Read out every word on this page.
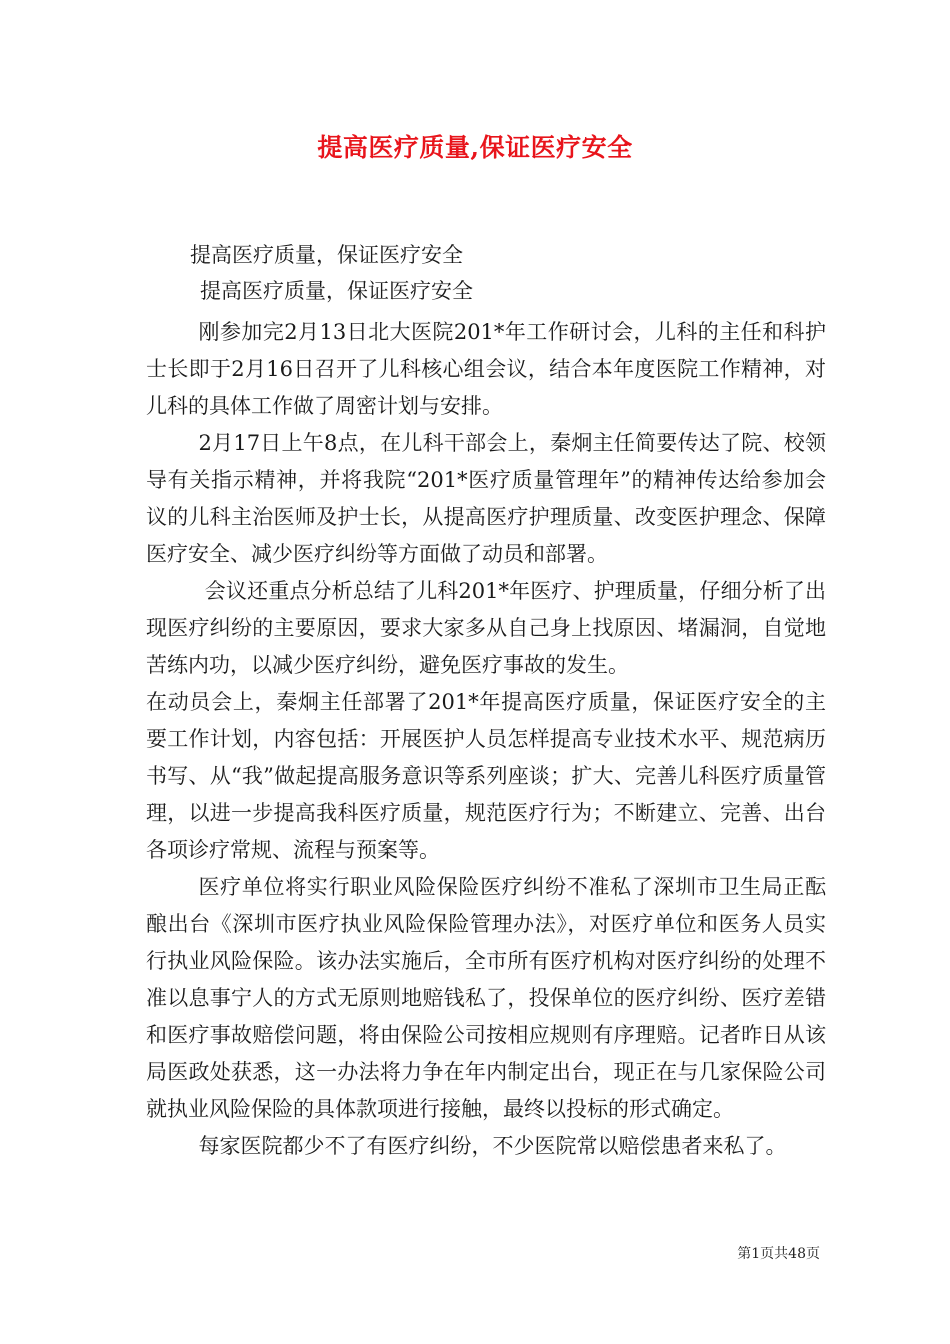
提高医疗质量,保证医疗安全
提高医疗质量，保证医疗安全
提高医疗质量，保证医疗安全

刚参加完2月13日北大医院201*年工作研讨会，儿科的主任和科护士长即于2月16日召开了儿科核心组会议，结合本年度医院工作精神，对儿科的具体工作做了周密计划与安排。

2月17日上午8点，在儿科干部会上，秦炯主任简要传达了院、校领导有关指示精神，并将我院“201*医疗质量管理年”的精神传达给参加会议的儿科主治医师及护士长，从提高医疗护理质量、改变医护理念、保障医疗安全、减少医疗纠纷等方面做了动员和部署。

会议还重点分析总结了儿科201*年医疗、护理质量，仔细分析了出现医疗纠纷的主要原因，要求大家多从自己身上找原因、堵漏洞，自觉地苦练内功，以减少医疗纠纷，避免医疗事故的发生。

在动员会上，秦炯主任部署了201*年提高医疗质量，保证医疗安全的主要工作计划，内容包括：开展医护人员怎样提高专业技术水平、规范病历书写、从“我”做起提高服务意识等系列座谈；扩大、完善儿科医疗质量管理，以进一步提高我科医疗质量，规范医疗行为；不断建立、完善、出台各项诊疗常规、流程与预案等。

医疗单位将实行职业风险保险医疗纠纷不准私了深圳市卫生局正酝酿出台《深圳市医疗执业风险保险管理办法》，对医疗单位和医务人员实行执业风险保险。该办法实施后，全市所有医疗机构对医疗纠纷的处理不准以息事宁人的方式无原则地赔钱私了，投保单位的医疗纠纷、医疗差错和医疗事故赔偿问题，将由保险公司按相应规则有序理赔。记者昨日从该局医政处获悉，这一办法将力争在年内制定出台，现正在与几家保险公司就执业风险保险的具体款项进行接触，最终以投标的形式确定。

每家医院都少不了有医疗纠纷，不少医院常以赔偿患者来私了。

第1页共48页
